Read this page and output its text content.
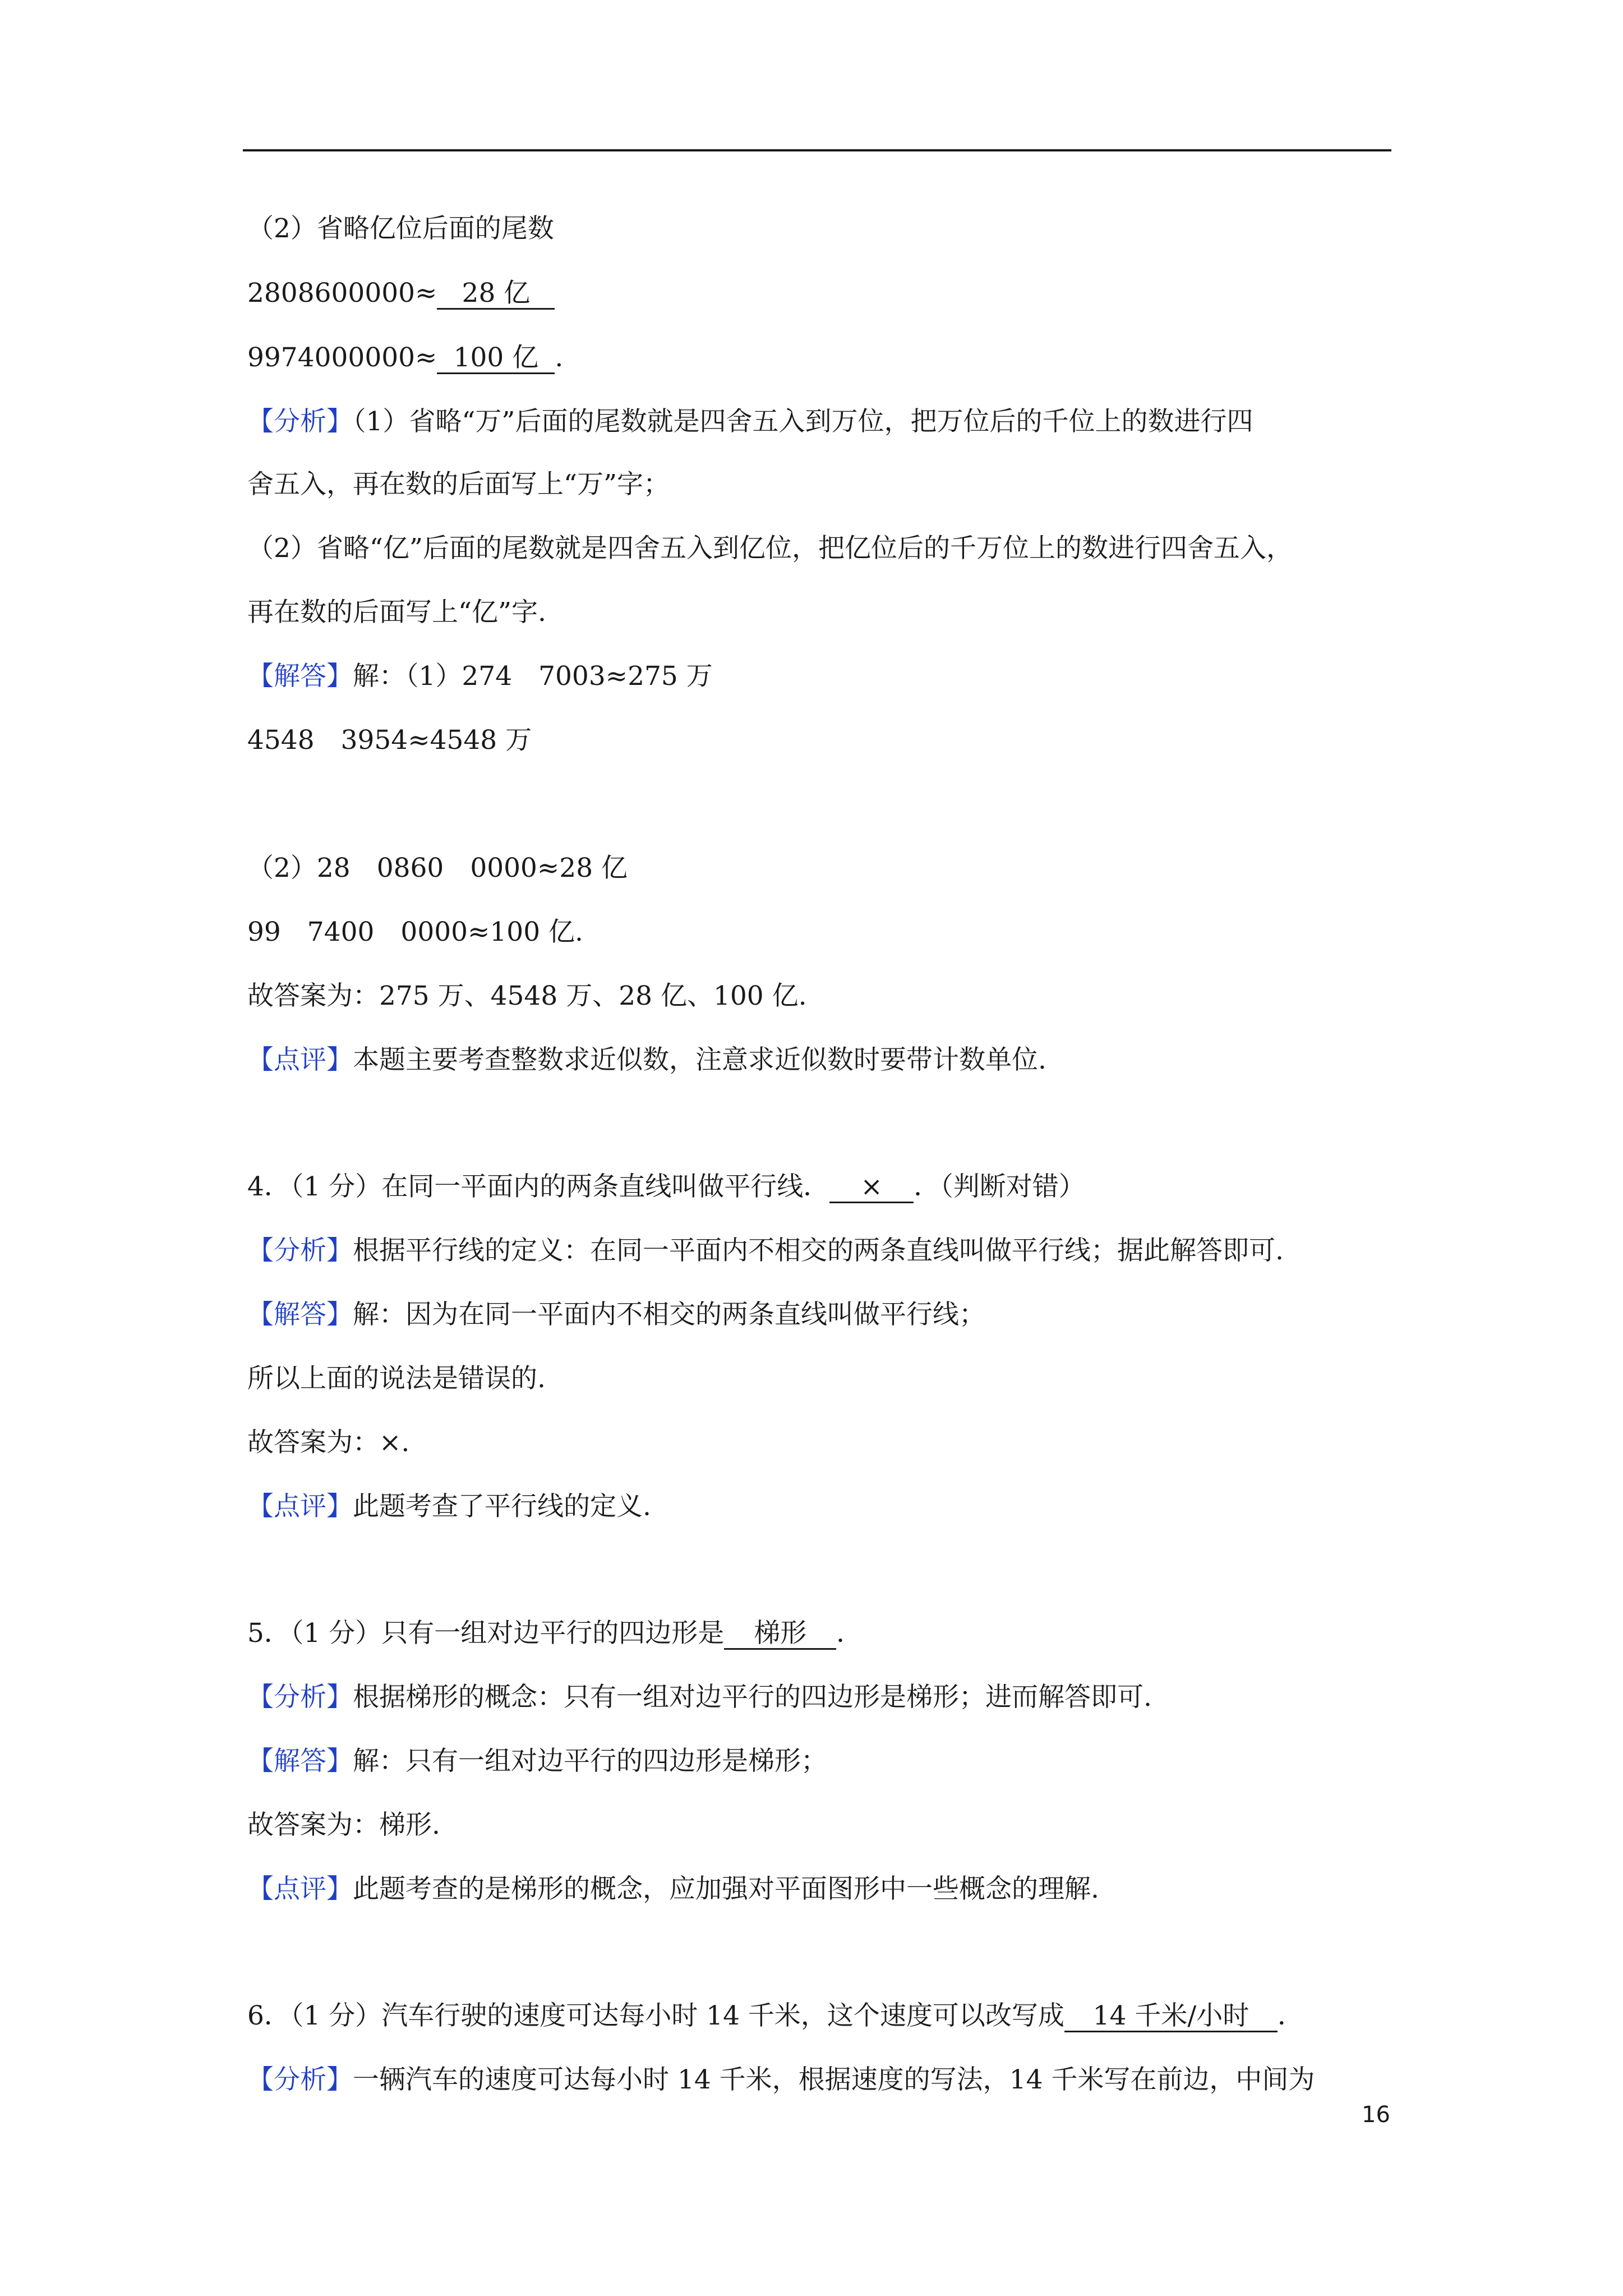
（2）省略亿位后面的尾数
2808600000≈ 28 亿
9974000000≈ 100 亿 .
【分析】（1）省略“万”后面的尾数就是四舍五入到万位，把万位后的千位上的数进行四
舍五入，再在数的后面写上“万”字；
（2）省略“亿”后面的尾数就是四舍五入到亿位，把亿位后的千万位上的数进行四舍五入，
再在数的后面写上“亿”字.
【解答】解：（1）274　7003≈275 万
4548　3954≈4548 万
（2）28　0860　0000≈28 亿
99　7400　0000≈100 亿.
故答案为：275 万、4548 万、28 亿、100 亿.
【点评】本题主要考查整数求近似数，注意求近似数时要带计数单位.
4．（1 分）在同一平面内的两条直线叫做平行线． × ．（判断对错）
【分析】根据平行线的定义：在同一平面内不相交的两条直线叫做平行线；据此解答即可.
【解答】解：因为在同一平面内不相交的两条直线叫做平行线；
所以上面的说法是错误的.
故答案为：×.
【点评】此题考查了平行线的定义.
5．（1 分）只有一组对边平行的四边形是 梯形 ．
【分析】根据梯形的概念：只有一组对边平行的四边形是梯形；进而解答即可.
【解答】解：只有一组对边平行的四边形是梯形；
故答案为：梯形.
【点评】此题考查的是梯形的概念，应加强对平面图形中一些概念的理解.
6．（1 分）汽车行驶的速度可达每小时 14 千米，这个速度可以改写成 14 千米/小时 ．
【分析】一辆汽车的速度可达每小时 14 千米，根据速度的写法，14 千米写在前边，中间为
16
